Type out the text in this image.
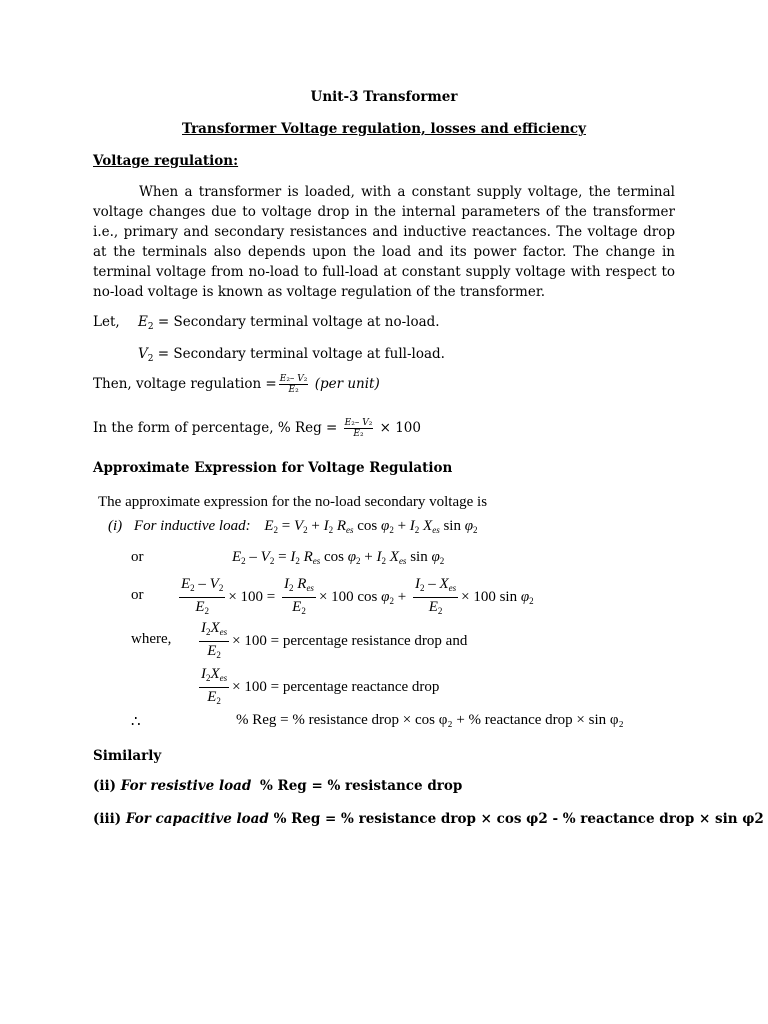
Unit-3 Transformer
Transformer Voltage regulation, losses and efficiency
Voltage regulation:
When a transformer is loaded, with a constant supply voltage, the terminal voltage changes due to voltage drop in the internal parameters of the transformer i.e., primary and secondary resistances and inductive reactances. The voltage drop at the terminals also depends upon the load and its power factor. The change in terminal voltage from no-load to full-load at constant supply voltage with respect to no-load voltage is known as voltage regulation of the transformer.
Let, $E_2$ = Secondary terminal voltage at no-load.
$V_2$ = Secondary terminal voltage at full-load.
Then, voltage regulation = $\frac{\text{E₂– V₂}}{\text{E₂}} (per$ unit)
In the form of percentage, % Reg = $\frac{\text{E₂– V₂}}{\text{E₂}} \times 100$
Approximate Expression for Voltage Regulation
The approximate expression for the no-load secondary voltage is
(i) For inductive load: $E_2 = V_2 + I_2$ $R_{es}$ $\cos \varphi_2 + I_2$ $X_{es}$ $\sin \varphi_2$
or	$E_2 - V_2 = I_2$ $R_{es}$ $\cos \varphi_2 + I_2$ $X_{es}$ $\sin \varphi_2$
or $\frac{E_2 - V_2}{E_2} \times 100 = \frac{I_2 R_{es}}{E_2} \times 100$ $\cos \varphi_2 + \frac{I_2 - X_{es}}{E_2} \times 100$ $\sin \varphi_2$
where, $\frac{I_2X_{es}}{E_2} \times 100$ = percentage resistance drop and
$\frac{I_2X_{es}}{E_2} \times 100$ = percentage reactance drop
∴	% Reg = % resistance drop × cos φ₂ + % reactance drop × sin φ₂
Similarly
(ii) For resistive load % Reg = % resistance drop
(iii) For capacitive load % Reg = % resistance drop × cos φ2 - % reactance drop × sin φ2
